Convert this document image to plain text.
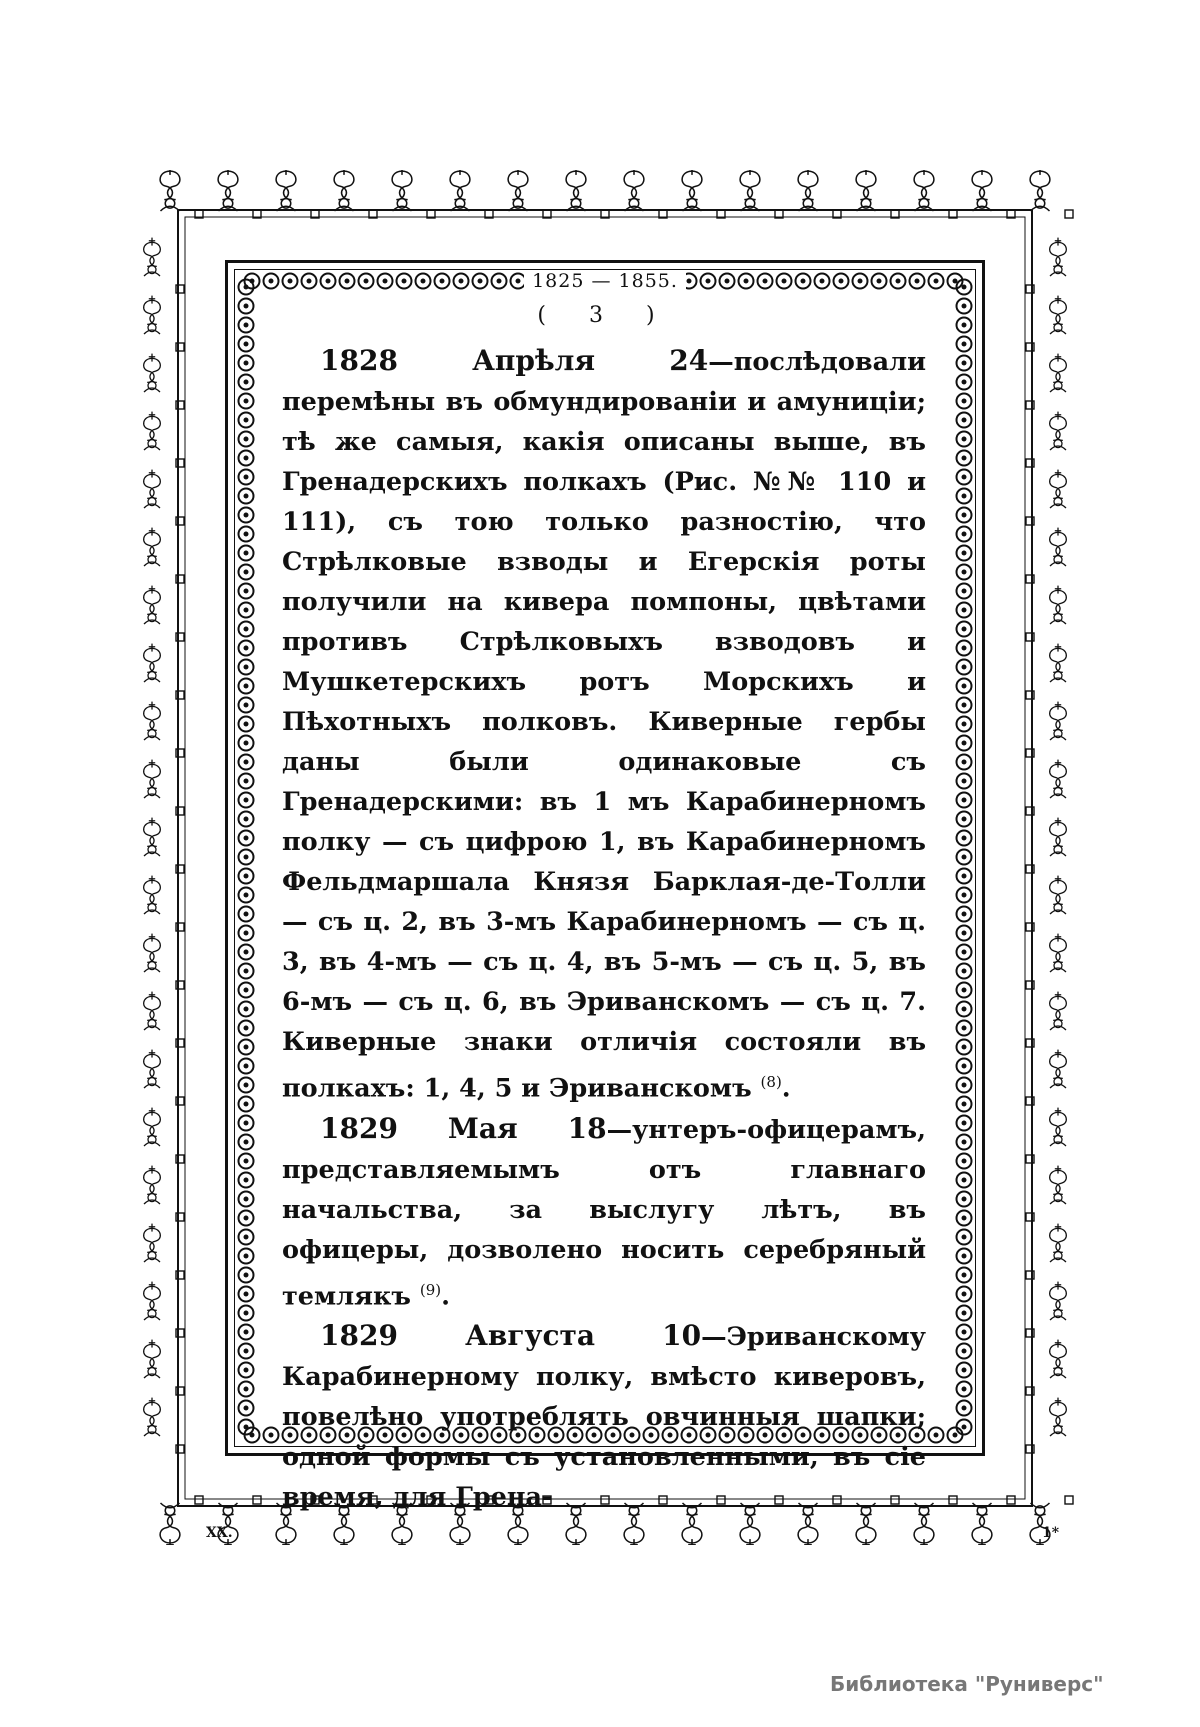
1825 — 1855.
( 3 )

1828 Апрѣля 24—послѣдовали перемѣны въ обмундированіи и амуниціи; тѣ же самыя, какія описаны выше, въ Гренадерскихъ полкахъ (Рис. №№ 110 и 111), съ тою только разностію, что Стрѣлковые взводы и Егерскія роты получили на кивера помпоны, цвѣтами противъ Стрѣлковыхъ взводовъ и Мушкетерскихъ ротъ Морскихъ и Пѣхотныхъ полковъ. Киверные гербы даны были одинаковые съ Гренадерскими: въ 1 мъ Карабинерномъ полку — съ цифрою 1, въ Карабинерномъ Фельдмаршала Князя Барклая-де-Толли — съ ц. 2, въ 3-мъ Карабинерномъ — съ ц. 3, въ 4-мъ — съ ц. 4, въ 5-мъ — съ ц. 5, въ 6-мъ — съ ц. 6, въ Эриванскомъ — съ ц. 7. Киверные знаки отличія состояли въ полкахъ: 1, 4, 5 и Эриванскомъ $^{(8)}$.

1829 Мая 18—унтеръ-офицерамъ, представляемымъ отъ главнаго начальства, за выслугу лѣтъ, въ офицеры, дозволено носить серебряный темлякъ $^{(9)}$.

1829 Августа 10—Эриванскому Карабинерному полку, вмѣсто киверовъ, повелѣно употреблять овчинныя шапки; одной формы съ установленными, въ сіе время, для Грена-

XX.	1*
Библиотека "Руниверс"
